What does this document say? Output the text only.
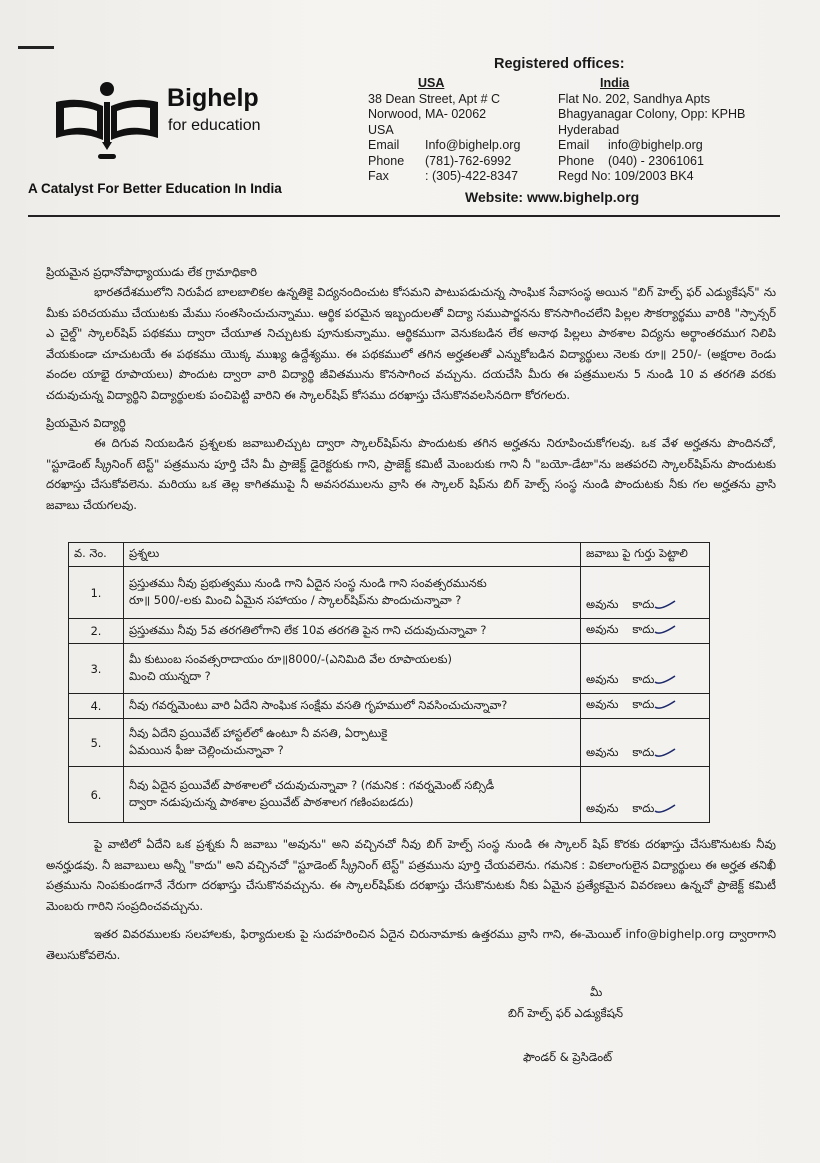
Bighelp
for education
A Catalyst For Better Education In India
Registered offices:
USA
38 Dean Street, Apt # C
Norwood, MA- 02062
USA
Email	Info@bighelp.org
Phone	(781)-762-6992
Fax	: (305)-422-8347
India
Flat No. 202, Sandhya Apts
Bhagyanagar Colony, Opp: KPHB
Hyderabad
Email	info@bighelp.org
Phone	(040) - 23061061
Regd No: 109/2003 BK4
Website: www.bighelp.org
ప్రియమైన ప్రధానోపాధ్యాయుడు లేక గ్రామాధికారి
భారతదేశములోని నిరుపేద బాలబాలికల ఉన్నతికై విద్యనందించుట కోసమని పాటుపడుచున్న సాంఘిక సేవాసంస్థ అయిన "బిగ్ హెల్ప్ ఫర్ ఎడ్యుకేషన్" ను మీకు పరిచయము చేయుటకు మేము సంతసించుచున్నాము. ఆర్థిక పరమైన ఇబ్బందులతో విద్యా సముపార్జనను కొనసాగించలేని పిల్లల సౌకర్యార్థము వారికి "స్పాన్సర్ ఎ చైల్డ్" స్కాలర్‌షిప్ పథకము ద్వారా చేయూత నిచ్చుటకు పూనుకున్నాము. ఆర్థికముగా వెనుకబడిన లేక అనాథ పిల్లలు పాఠశాల విద్యను అర్థాంతరముగ నిలిపి వేయకుండా చూచుటయే ఈ పథకము యొక్క ముఖ్య ఉద్దేశ్యము. ఈ పథకములో తగిన అర్హతలతో ఎన్నుకోబడిన విద్యార్థులు నెలకు రూ॥ 250/- (అక్షరాల రెండు వందల యాభై రూపాయలు) పొందుట ద్వారా వారి విద్యార్థి జీవితమును కొనసాగించ వచ్చును. దయచేసి మీరు ఈ పత్రములను 5 నుండి 10 వ తరగతి వరకు చదువుచున్న విద్యార్థిని విద్యార్థులకు పంచిపెట్టి వారిని ఈ స్కాలర్‌షిప్ కోసము దరఖాస్తు చేసుకొనవలసినదిగా కోరగలరు.
ప్రియమైన విద్యార్థి
ఈ దిగువ నియబడిన ప్రశ్నలకు జవాబులిచ్చుట ద్వారా స్కాలర్‌షిప్‌ను పొందుటకు తగిన అర్హతను నిరూపించుకోగలవు. ఒక వేళ అర్హతను పొందినచో, "స్టూడెంట్ స్క్రీనింగ్ టెస్ట్" పత్రమును పూర్తి చేసి మీ ప్రాజెక్ట్ డైరెక్టరుకు గాని, ప్రాజెక్ట్ కమిటీ మెంబరుకు గాని నీ "బయో-డేటా"ను జతపరచి స్కాలర్‌షిప్‌ను పొందుటకు దరఖాస్తు చేసుకోవలెను. మరియు ఒక తెల్ల కాగితముపై నీ అవసరములను వ్రాసి ఈ స్కాలర్ షిప్‌ను బిగ్ హెల్ప్ సంస్థ నుండి పొందుటకు నీకు గల అర్హతను వ్రాసి జవాబు చేయగలవు.
వ. నెం.	ప్రశ్నలు	జవాబు పై గుర్తు పెట్టాలి
1.	ప్రస్తుతము నీవు ప్రభుత్వము నుండి గాని ఏదైన సంస్థ నుండి గాని సంవత్సరమునకు
రూ॥ 500/-లకు మించి ఏమైన సహాయం / స్కాలర్‌షిప్‌ను పొందుచున్నావా ?	అవును కాదు
2.	ప్రస్తుతము నీవు 5వ తరగతిలోగాని లేక 10వ తరగతి పైన గాని చదువుచున్నావా ?	అవును కాదు
3.	మీ కుటుంబ సంవత్సరాదాయం రూ॥8000/-(ఎనిమిది వేల రూపాయలకు)
మించి యున్నదా ?	అవును కాదు
4.	నీవు గవర్నమెంటు వారి ఏదేని సాంఘిక సంక్షేమ వసతి గృహములో నివసించుచున్నావా?	అవును కాదు
5.	నీవు ఏదేని ప్రయివేట్ హాస్టల్‌లో ఉంటూ నీ వసతి, ఏర్పాటుకై
ఏమయిన ఫీజు చెల్లించుచున్నావా ?	అవును కాదు
6.	నీవు ఏదైన ప్రయివేట్ పాఠశాలలో చదువుచున్నావా ? (గమనిక : గవర్నమెంట్ సబ్సిడీ
ద్వారా నడుపుచున్న పాఠశాల ప్రయివేట్ పాఠశాలగ గణింపబడదు)	అవును కాదు
పై వాటిలో ఏదేని ఒక ప్రశ్నకు నీ జవాబు "అవును" అని వచ్చినచో నీవు బిగ్ హెల్ప్ సంస్థ నుండి ఈ స్కాలర్ షిప్ కొరకు దరఖాస్తు చేసుకొనుటకు నీవు అనర్హుడవు. నీ జవాబులు అన్నీ "కాదు" అని వచ్చినచో "స్టూడెంట్ స్క్రీనింగ్ టెస్ట్" పత్రమును పూర్తి చేయవలెను. గమనిక : వికలాంగులైన విద్యార్థులు ఈ అర్హత తనిఖీ పత్రమును నింపకుండగానే నేరుగా దరఖాస్తు చేసుకొనవచ్చును. ఈ స్కాలర్‌షిప్‌కు దరఖాస్తు చేసుకొనుటకు నీకు ఏమైన ప్రత్యేకమైన వివరణలు ఉన్నచో ప్రాజెక్ట్ కమిటీ మెంబరు గారిని సంప్రదించవచ్చును.
ఇతర వివరములకు సలహాలకు, ఫిర్యాదులకు పై సుదహరించిన ఏదైన చిరునామాకు ఉత్తరము వ్రాసి గాని, ఈ-మెయిల్ info@bighelp.org ద్వారాగాని తెలుసుకోవలెను.
మీ
బిగ్ హెల్ప్ ఫర్ ఎడ్యుకేషన్
ఫౌండర్ & ప్రెసిడెంట్
